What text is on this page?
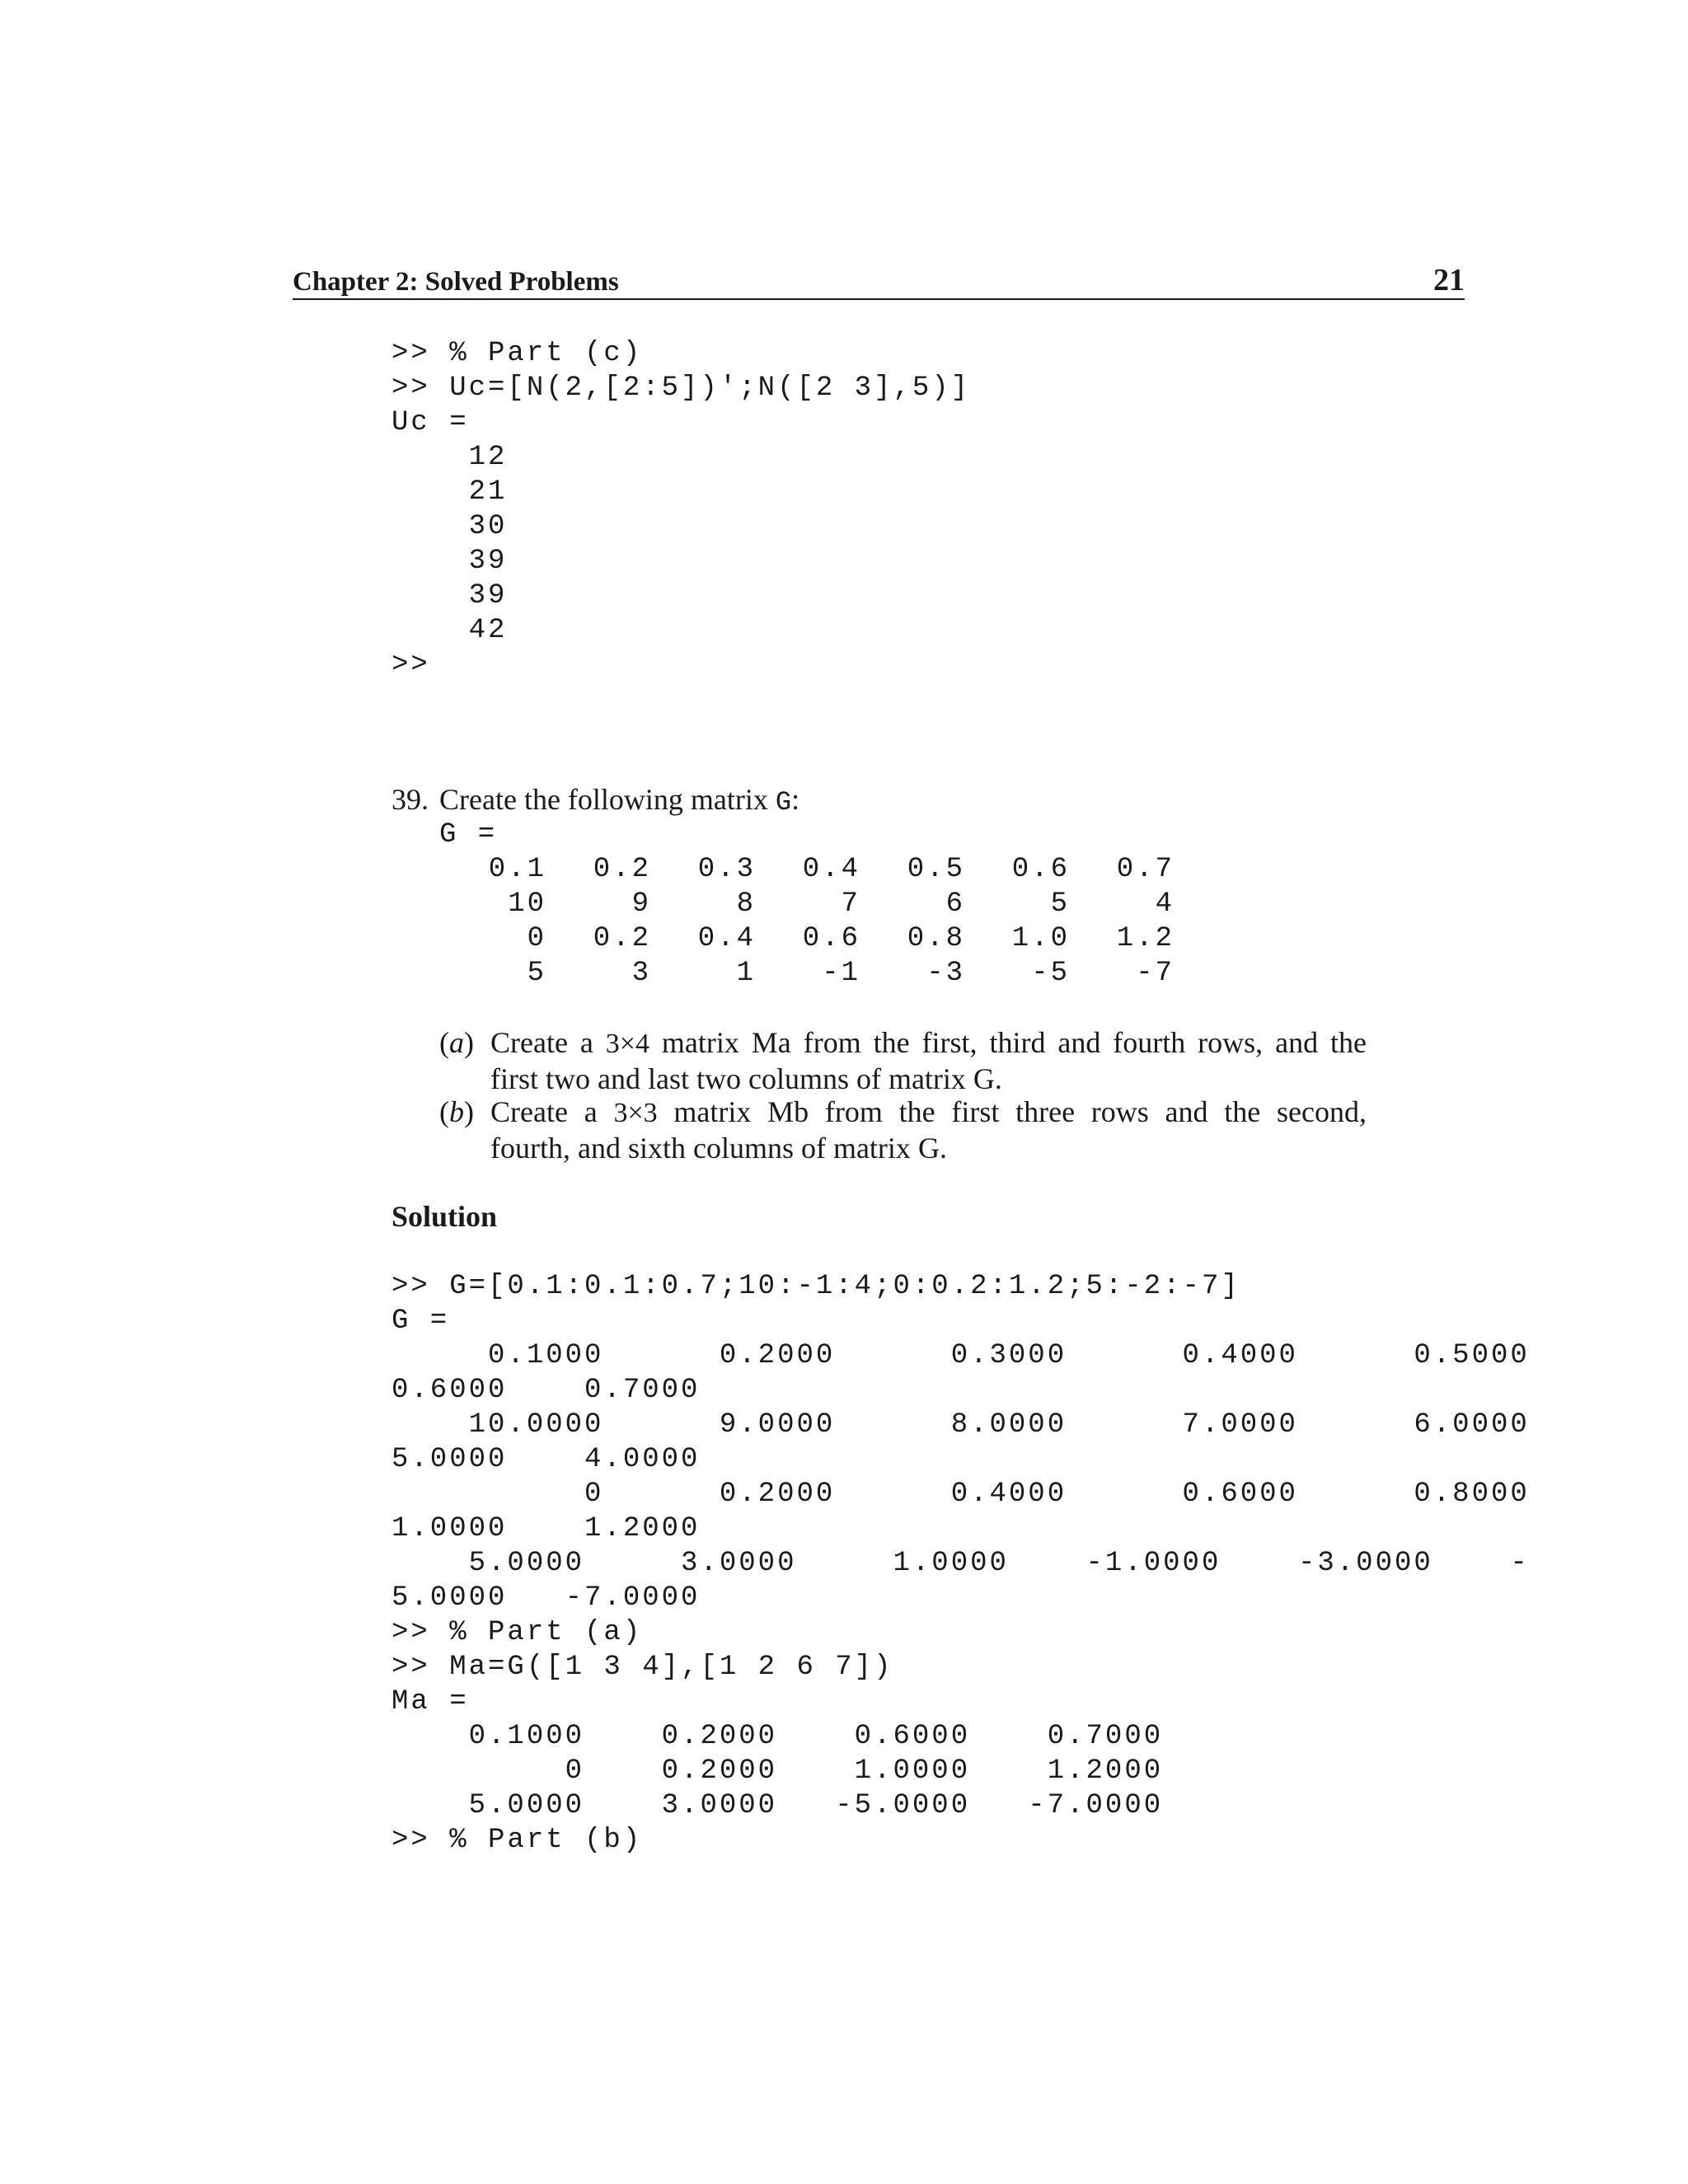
Chapter 2: Solved Problems	21
>> % Part (c)
>> Uc=[N(2,[2:5])';N([2 3],5)]
Uc =
12
21
30
39
39
42
>>
39. Create the following matrix G:
G =
0.1	0.2	0.3	0.4	0.5	0.6	0.7
10	9	8	7	6	5	4
0	0.2	0.4	0.6	0.8	1.0	1.2
5	3	1	-1	-3	-5	-7
(a) Create a 3×4 matrix Ma from the first, third and fourth rows, and the
first two and last two columns of matrix G.
(b) Create a 3×3 matrix Mb from the first three rows and the second,
fourth, and sixth columns of matrix G.
Solution
>> G=[0.1:0.1:0.7;10:-1:4;0:0.2:1.2;5:-2:-7]
G =
0.1000      0.2000      0.3000      0.4000      0.5000
0.6000    0.7000
10.0000      9.0000      8.0000      7.0000      6.0000
5.0000    4.0000
0      0.2000      0.4000      0.6000      0.8000
1.0000    1.2000
5.0000     3.0000     1.0000    -1.0000    -3.0000    -
5.0000   -7.0000
>> % Part (a)
>> Ma=G([1 3 4],[1 2 6 7])
Ma =
0.1000    0.2000    0.6000    0.7000
0    0.2000    1.0000    1.2000
5.0000    3.0000   -5.0000   -7.0000
>> % Part (b)
